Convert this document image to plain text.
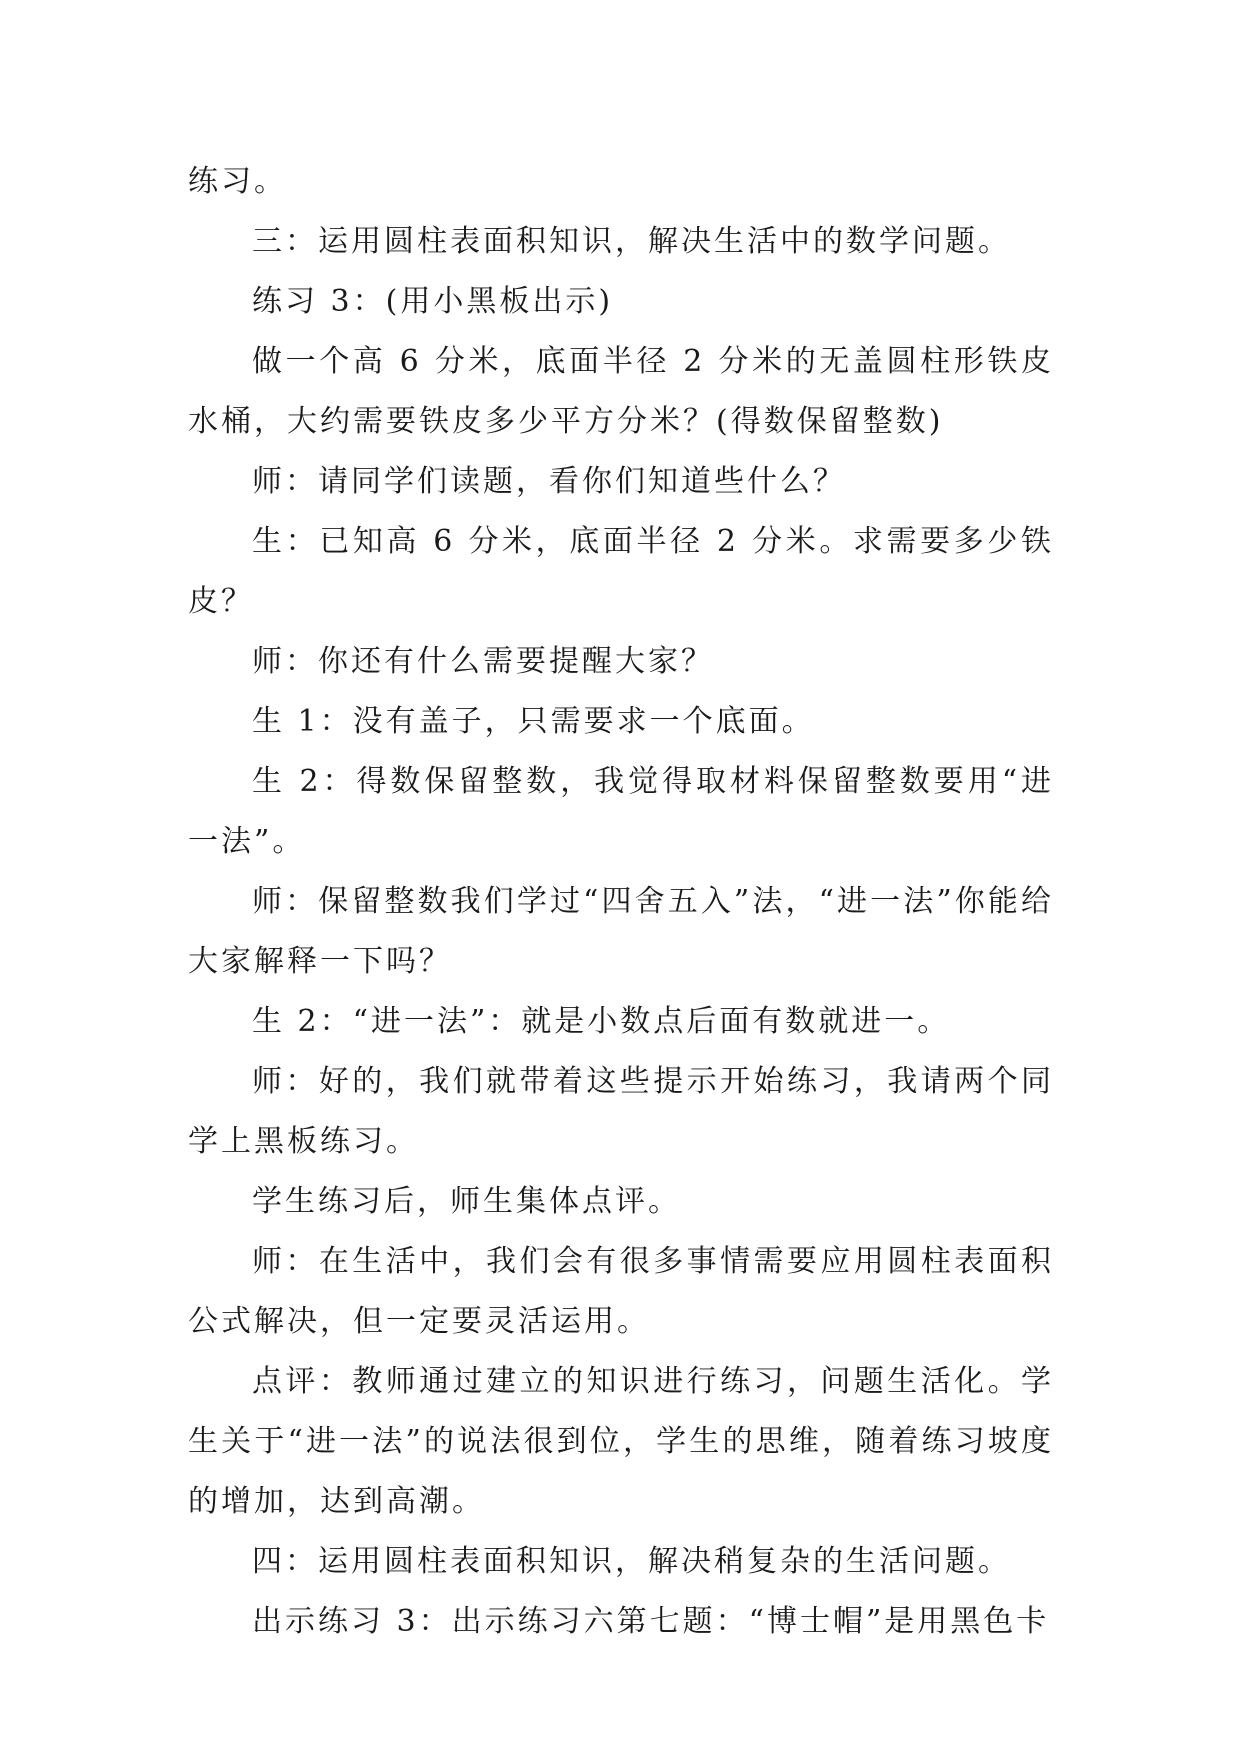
练习。

三：运用圆柱表面积知识，解决生活中的数学问题。

练习 3：(用小黑板出示)

做一个高 6 分米，底面半径 2 分米的无盖圆柱形铁皮水桶，大约需要铁皮多少平方分米？(得数保留整数)

师：请同学们读题，看你们知道些什么？

生：已知高 6 分米，底面半径 2 分米。求需要多少铁皮？

师：你还有什么需要提醒大家？

生 1：没有盖子，只需要求一个底面。

生 2：得数保留整数，我觉得取材料保留整数要用“进一法”。

师：保留整数我们学过“四舍五入”法，“进一法”你能给大家解释一下吗？

生 2：“进一法”：就是小数点后面有数就进一。

师：好的，我们就带着这些提示开始练习，我请两个同学上黑板练习。

学生练习后，师生集体点评。

师：在生活中，我们会有很多事情需要应用圆柱表面积公式解决，但一定要灵活运用。

点评：教师通过建立的知识进行练习，问题生活化。学生关于“进一法”的说法很到位，学生的思维，随着练习坡度的增加，达到高潮。

四：运用圆柱表面积知识，解决稍复杂的生活问题。

出示练习 3：出示练习六第七题：“博士帽”是用黑色卡
